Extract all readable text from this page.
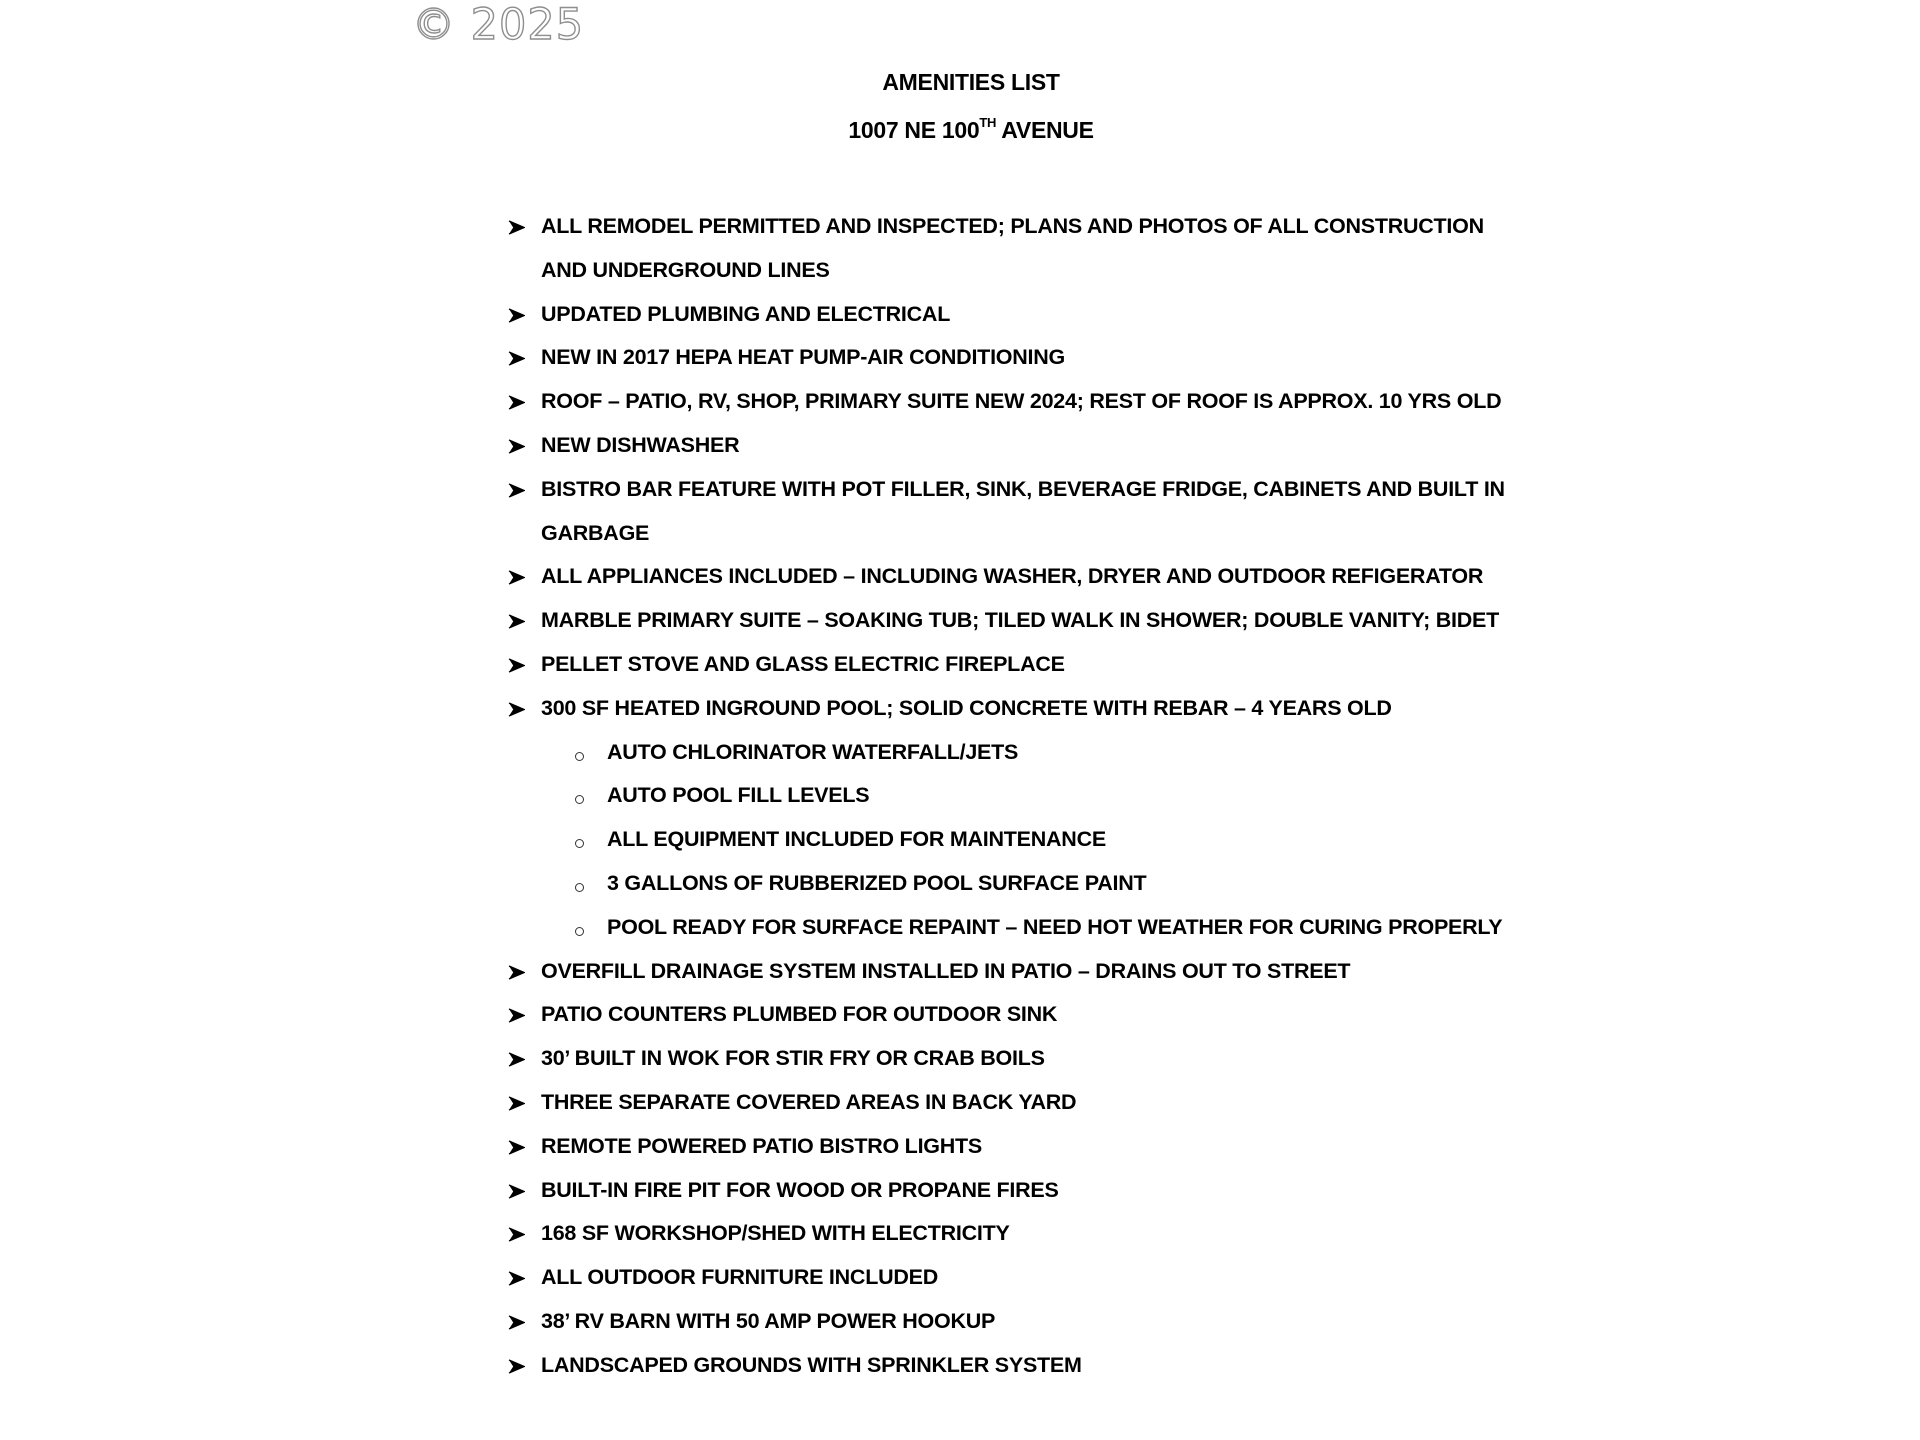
© 2025
AMENITIES LIST
1007 NE 100TH AVENUE
ALL REMODEL PERMITTED AND INSPECTED; PLANS AND PHOTOS OF ALL CONSTRUCTION
AND UNDERGROUND LINES
UPDATED PLUMBING AND ELECTRICAL
NEW IN 2017 HEPA HEAT PUMP-AIR CONDITIONING
ROOF – PATIO, RV, SHOP, PRIMARY SUITE NEW 2024; REST OF ROOF IS APPROX. 10 YRS OLD
NEW DISHWASHER
BISTRO BAR FEATURE WITH POT FILLER, SINK, BEVERAGE FRIDGE, CABINETS AND BUILT IN
GARBAGE
ALL APPLIANCES INCLUDED – INCLUDING WASHER, DRYER AND OUTDOOR REFIGERATOR
MARBLE PRIMARY SUITE – SOAKING TUB; TILED WALK IN SHOWER; DOUBLE VANITY; BIDET
PELLET STOVE AND GLASS ELECTRIC FIREPLACE
300 SF HEATED INGROUND POOL; SOLID CONCRETE WITH REBAR – 4 YEARS OLD
AUTO CHLORINATOR WATERFALL/JETS
AUTO POOL FILL LEVELS
ALL EQUIPMENT INCLUDED FOR MAINTENANCE
3 GALLONS OF RUBBERIZED POOL SURFACE PAINT
POOL READY FOR SURFACE REPAINT – NEED HOT WEATHER FOR CURING PROPERLY
OVERFILL DRAINAGE SYSTEM INSTALLED IN PATIO – DRAINS OUT TO STREET
PATIO COUNTERS PLUMBED FOR OUTDOOR SINK
30’ BUILT IN WOK FOR STIR FRY OR CRAB BOILS
THREE SEPARATE COVERED AREAS IN BACK YARD
REMOTE POWERED PATIO BISTRO LIGHTS
BUILT-IN FIRE PIT FOR WOOD OR PROPANE FIRES
168 SF WORKSHOP/SHED WITH ELECTRICITY
ALL OUTDOOR FURNITURE INCLUDED
38’ RV BARN WITH 50 AMP POWER HOOKUP
LANDSCAPED GROUNDS WITH SPRINKLER SYSTEM
